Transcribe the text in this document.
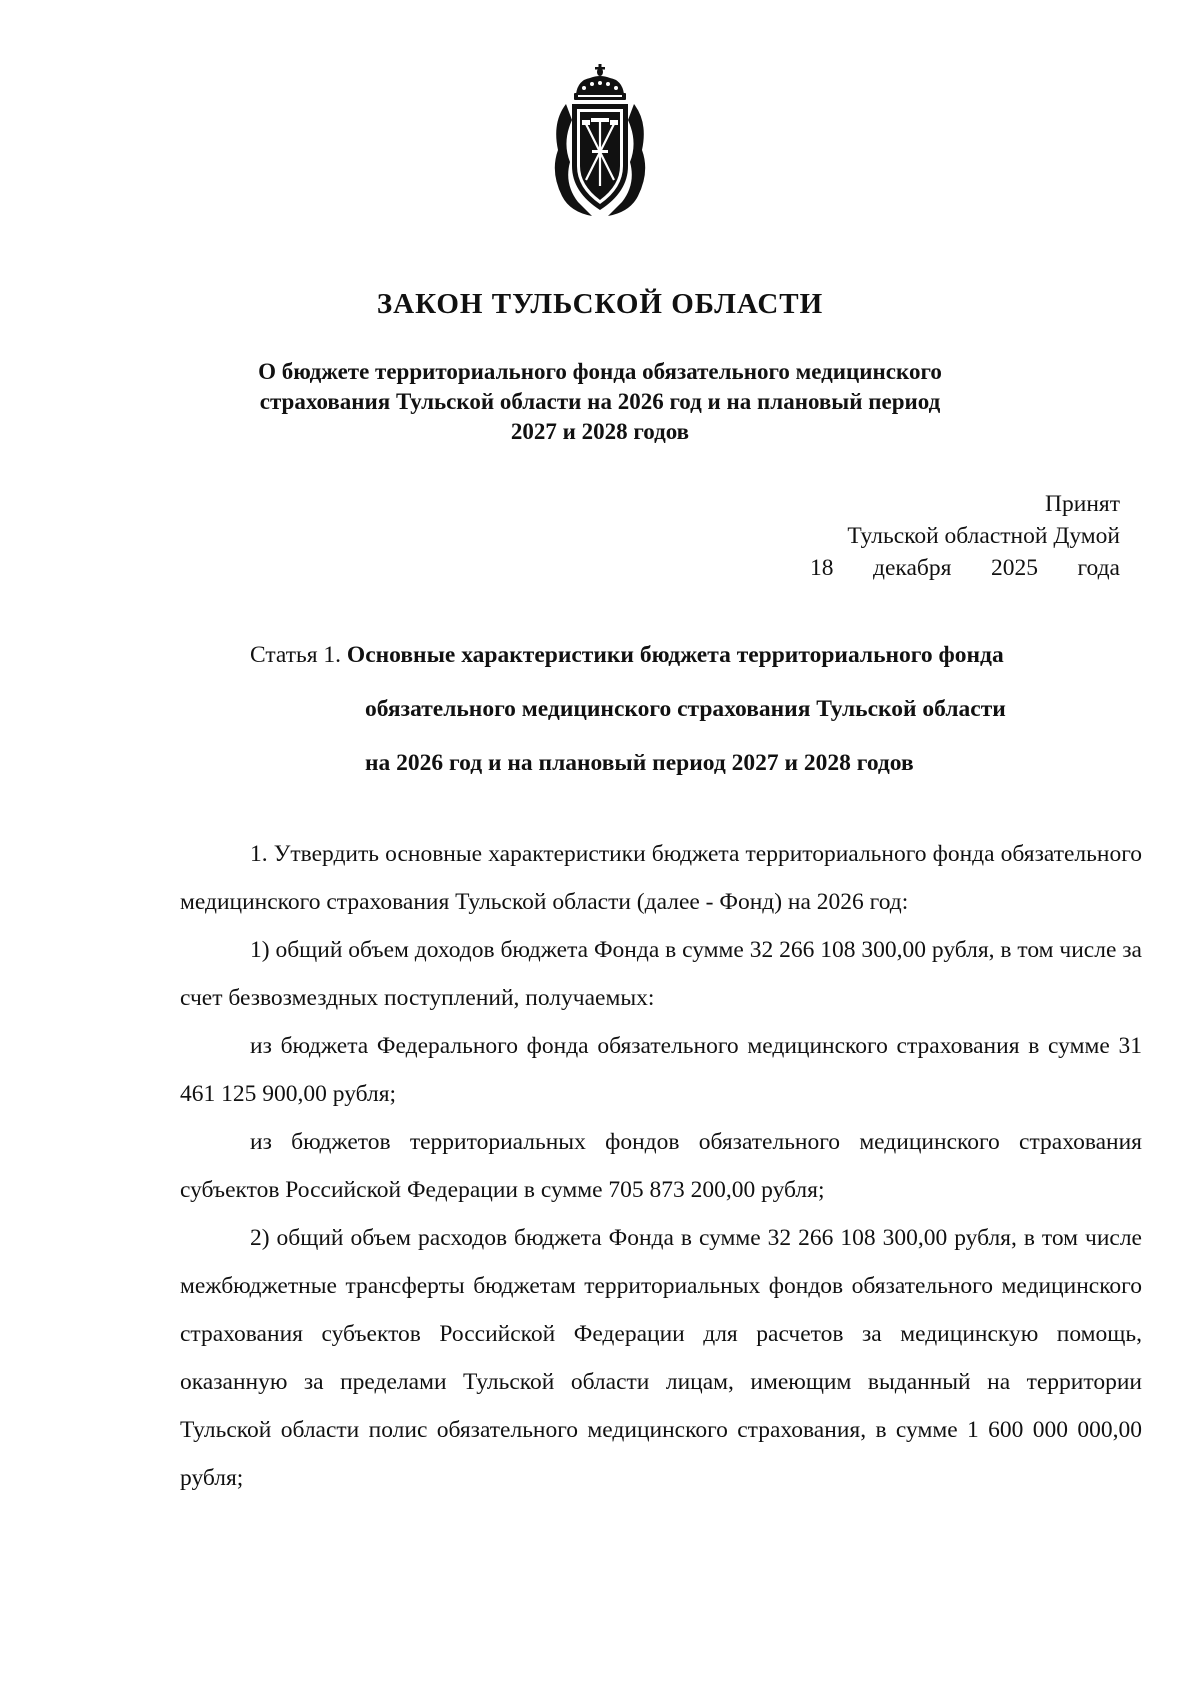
ЗАКОН ТУЛЬСКОЙ ОБЛАСТИ
О бюджете территориального фонда обязательного медицинского
страхования Тульской области на 2026 год и на плановый период
2027 и 2028 годов
Принят
Тульской областной Думой
18 декабря 2025 года
Статья 1. Основные характеристики бюджета территориального фонда
обязательного медицинского страхования Тульской области
на 2026 год и на плановый период 2027 и 2028 годов

1. Утвердить основные характеристики бюджета территориального фонда обязательного медицинского страхования Тульской области (далее - Фонд) на 2026 год:

1) общий объем доходов бюджета Фонда в сумме 32 266 108 300,00 рубля, в том числе за счет безвозмездных поступлений, получаемых:

из бюджета Федерального фонда обязательного медицинского страхования в сумме 31 461 125 900,00 рубля;

из бюджетов территориальных фондов обязательного медицинского страхования субъектов Российской Федерации в сумме 705 873 200,00 рубля;

2) общий объем расходов бюджета Фонда в сумме 32 266 108 300,00 рубля, в том числе межбюджетные трансферты бюджетам территориальных фондов обязательного медицинского страхования субъектов Российской Федерации для расчетов за медицинскую помощь, оказанную за пределами Тульской области лицам, имеющим выданный на территории Тульской области полис обязательного медицинского страхования, в сумме 1 600 000 000,00 рубля;
